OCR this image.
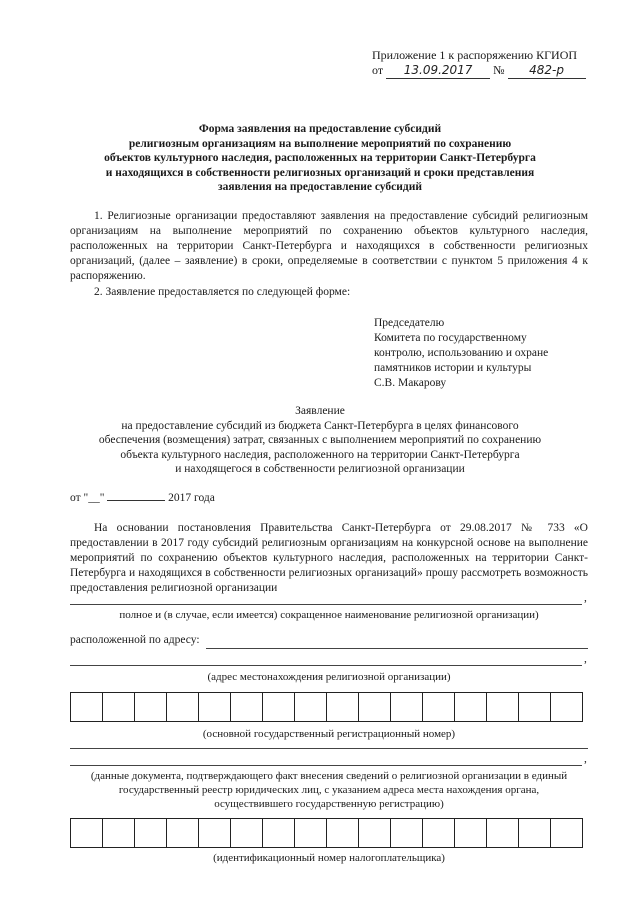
Приложение 1 к распоряжению КГИОП
от 13.09.2017 № 482-р
Форма заявления на предоставление субсидий
религиозным организациям на выполнение мероприятий по сохранению
объектов культурного наследия, расположенных на территории Санкт-Петербурга
и находящихся в собственности религиозных организаций и сроки представления
заявления на предоставление субсидий
1. Религиозные организации предоставляют заявления на предоставление субсидий религиозным организациям на выполнение мероприятий по сохранению объектов культурного наследия, расположенных на территории Санкт-Петербурга и находящихся в собственности религиозных организаций, (далее – заявление) в сроки, определяемые в соответствии с пунктом 5 приложения 4 к распоряжению.
2. Заявление предоставляется по следующей форме:
Председателю
Комитета по государственному
контролю, использованию и охране
памятников истории и культуры
С.В. Макарову
Заявление
на предоставление субсидий из бюджета Санкт-Петербурга в целях финансового
обеспечения (возмещения) затрат, связанных с выполнением мероприятий по сохранению
объекта культурного наследия, расположенного на территории Санкт-Петербурга
и находящегося в собственности религиозной организации
от "__"	2017 года
На основании постановления Правительства Санкт-Петербурга от 29.08.2017 № 733 «О предоставлении в 2017 году субсидий религиозным организациям на конкурсной основе на выполнение мероприятий по сохранению объектов культурного наследия, расположенных на территории Санкт-Петербурга и находящихся в собственности религиозных организаций» прошу рассмотреть возможность предоставления религиозной организации
,
полное и (в случае, если имеется) сокращенное наименование религиозной организации)
расположенной по адресу:
,
(адрес местонахождения религиозной организации)
(основной государственный регистрационный номер)
,
(данные документа, подтверждающего факт внесения сведений о религиозной организации в единый
государственный реестр юридических лиц, с указанием адреса места нахождения органа,
осуществившего государственную регистрацию)
(идентификационный номер налогоплательщика)
